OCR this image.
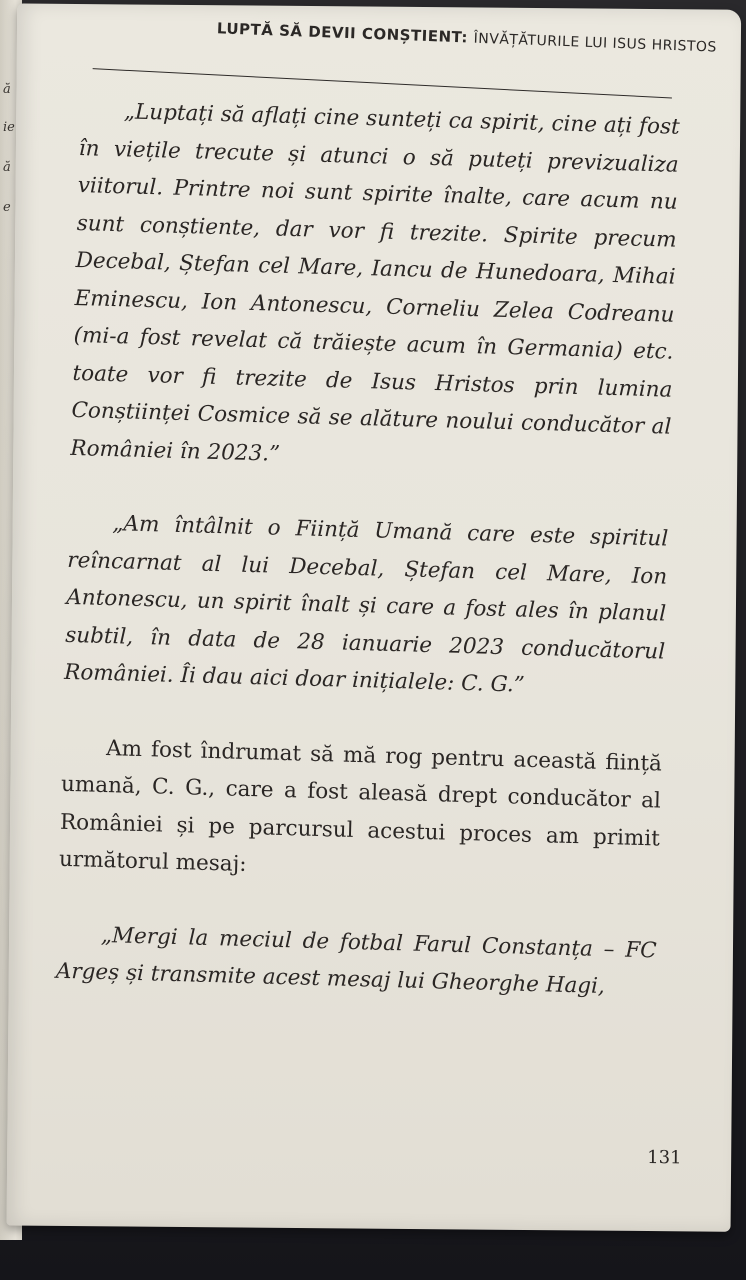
ă
ie
ă
e
LUPTĂ SĂ DEVII CONȘTIENT: ÎNVĂȚĂTURILE LUI ISUS HRISTOS

„Luptați să aflați cine sunteți ca spirit, cine ați fost în viețile trecute și atunci o să puteți previzualiza viitorul. Printre noi sunt spirite înalte, care acum nu sunt conștiente, dar vor fi trezite. Spirite precum Decebal, Ștefan cel Mare, Iancu de Hunedoara, Mihai Eminescu, Ion Antonescu, Corneliu Zelea Codreanu (mi-a fost revelat că trăiește acum în Germania) etc. toate vor fi trezite de Isus Hristos prin lumina Conștiinței Cosmice să se alăture noului conducător al României în 2023.”

„Am întâlnit o Ființă Umană care este spiritul reîncarnat al lui Decebal, Ștefan cel Mare, Ion Antonescu, un spirit înalt și care a fost ales în planul subtil, în data de 28 ianuarie 2023 conducătorul României. Îi dau aici doar inițialele: C. G.”

Am fost îndrumat să mă rog pentru această ființă umană, C. G., care a fost aleasă drept conducător al României și pe parcursul acestui proces am primit următorul mesaj:

„Mergi la meciul de fotbal Farul Constanța – FC Argeș și transmite acest mesaj lui Gheorghe Hagi,

131
